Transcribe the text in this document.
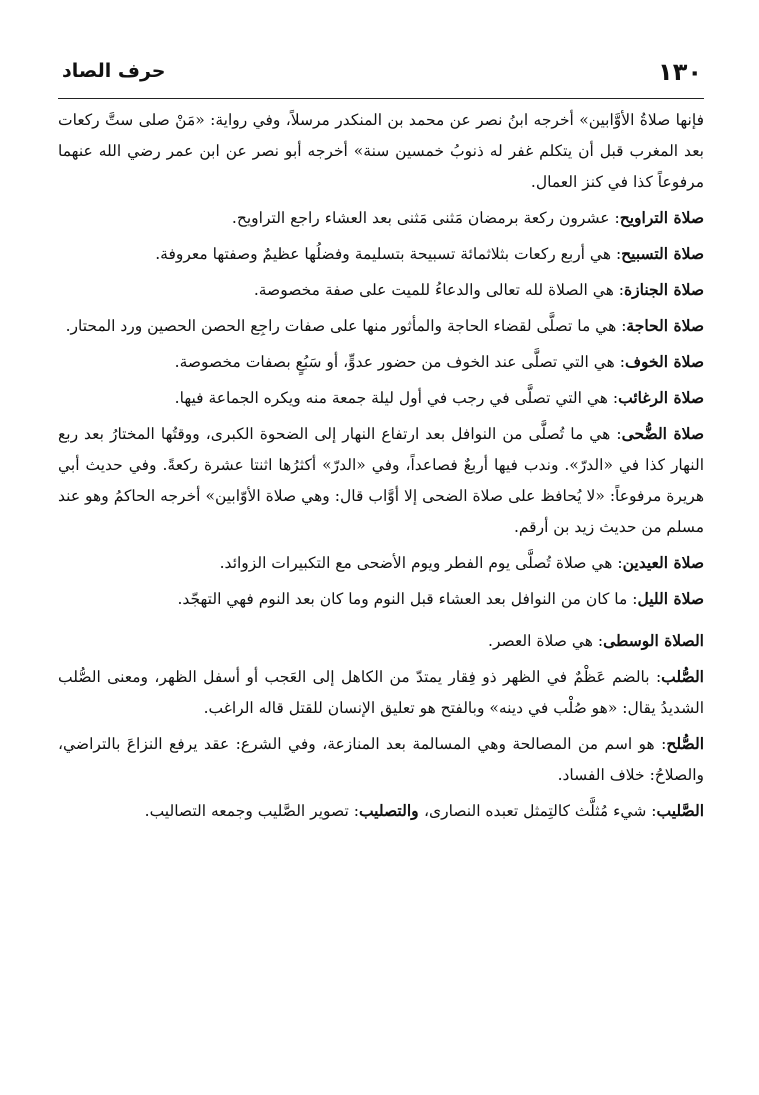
١٣٠
حرف الصاد

فإنها صلاةُ الأوَّابين» أخرجه ابنُ نصر عن محمد بن المنكدر مرسلاً، وفي رواية: «مَنْ صلى ستَّ ركعات بعد المغرب قبل أن يتكلم غفر له ذنوبُ خمسين سنة» أخرجه أبو نصر عن ابن عمر رضي الله عنهما مرفوعاً كذا في كنز العمال.

صلاة التراويح: عشرون ركعة برمضان مَثنى مَثنى بعد العشاء راجع التراويح.

صلاة التسبيح: هي أربع ركعات بثلاثمائة تسبيحة بتسليمة وفضلُها عظيمٌ وصفتها معروفة.

صلاة الجنازة: هي الصلاة لله تعالى والدعاءُ للميت على صفة مخصوصة.

صلاة الحاجة: هي ما تصلَّى لقضاء الحاجة والمأثور منها على صفات راجِع الحصن الحصين ورد المحتار.

صلاة الخوف: هي التي تصلَّى عند الخوف من حضور عدوٍّ، أو سَبُعٍ بصفات مخصوصة.

صلاة الرغائب: هي التي تصلَّى في رجب في أول ليلة جمعة منه ويكره الجماعة فيها.

صلاة الضُّحى: هي ما تُصلَّى من النوافل بعد ارتفاع النهار إلى الضحوة الكبرى، ووقتُها المختارُ بعد ربع النهار كذا في «الدرّ». وندب فيها أربعٌ فصاعداً، وفي «الدرّ» أكثرُها اثنتا عشرة ركعةً. وفي حديث أبي هريرة مرفوعاً: «لا يُحافظ على صلاة الضحى إلا أوَّاب قال: وهي صلاة الأوّابين» أخرجه الحاكمُ وهو عند مسلم من حديث زيد بن أرقم.

صلاة العيدين: هي صلاة تُصلَّى يوم الفطر ويوم الأضحى مع التكبيرات الزوائد.

صلاة الليل: ما كان من النوافل بعد العشاء قبل النوم وما كان بعد النوم فهي التهجّد.

الصلاة الوسطى: هي صلاة العصر.

الصُّلب: بالضم عَظْمٌ في الظهر ذو فِقار يمتدّ من الكاهل إلى العَجب أو أسفل الظهر، ومعنى الصُّلب الشديدُ يقال: «هو صُلْب في دينه» وبالفتح هو تعليق الإنسان للقتل قاله الراغب.

الصُّلح: هو اسم من المصالحة وهي المسالمة بعد المنازعة، وفي الشرع: عقد يرفع النزاعَ بالتراضي، والصلاحُ: خلاف الفساد.

الصَّليب: شيء مُثلَّث كالتِمثل تعبده النصارى، والتصليب: تصوير الصَّليب وجمعه التصاليب.
